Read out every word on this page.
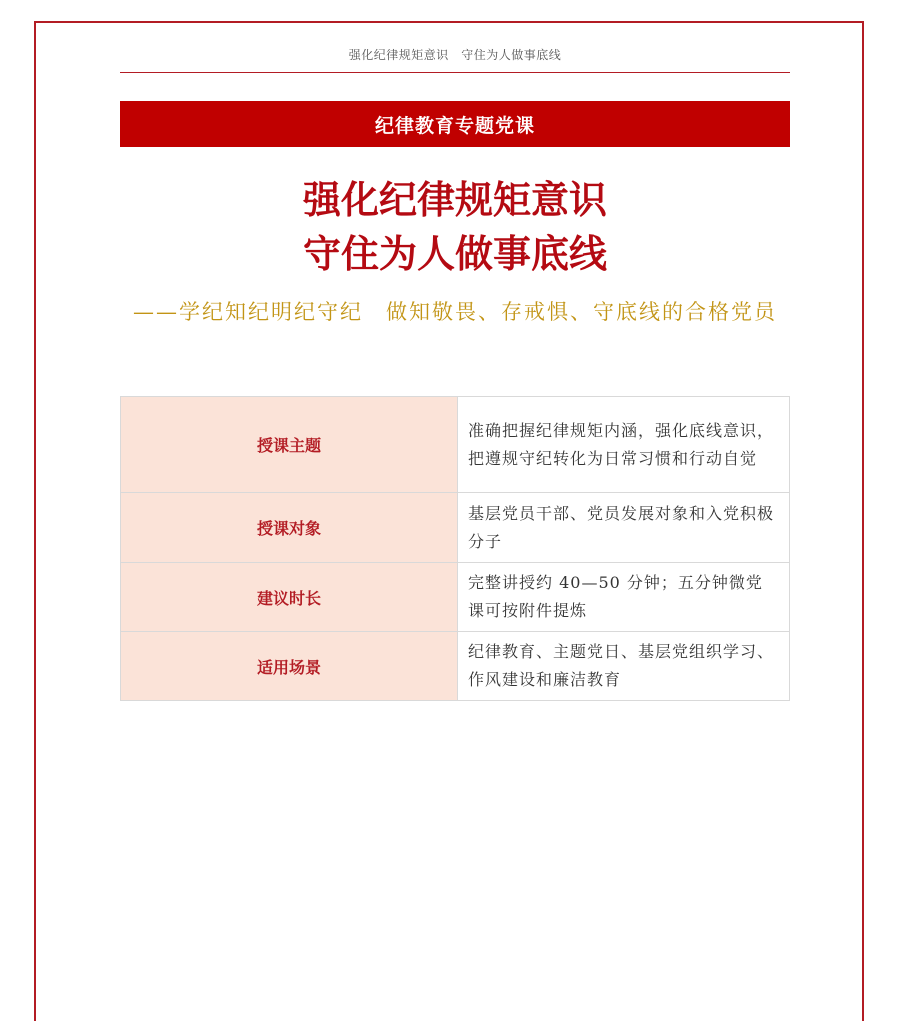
强化纪律规矩意识　守住为人做事底线
纪律教育专题党课
强化纪律规矩意识
守住为人做事底线
——学纪知纪明纪守纪　做知敬畏、存戒惧、守底线的合格党员
授课主题	准确把握纪律规矩内涵，强化底线意识，把遵规守纪转化为日常习惯和行动自觉
授课对象	基层党员干部、党员发展对象和入党积极分子
建议时长	完整讲授约 40—50 分钟；五分钟微党课可按附件提炼
适用场景	纪律教育、主题党日、基层党组织学习、作风建设和廉洁教育
